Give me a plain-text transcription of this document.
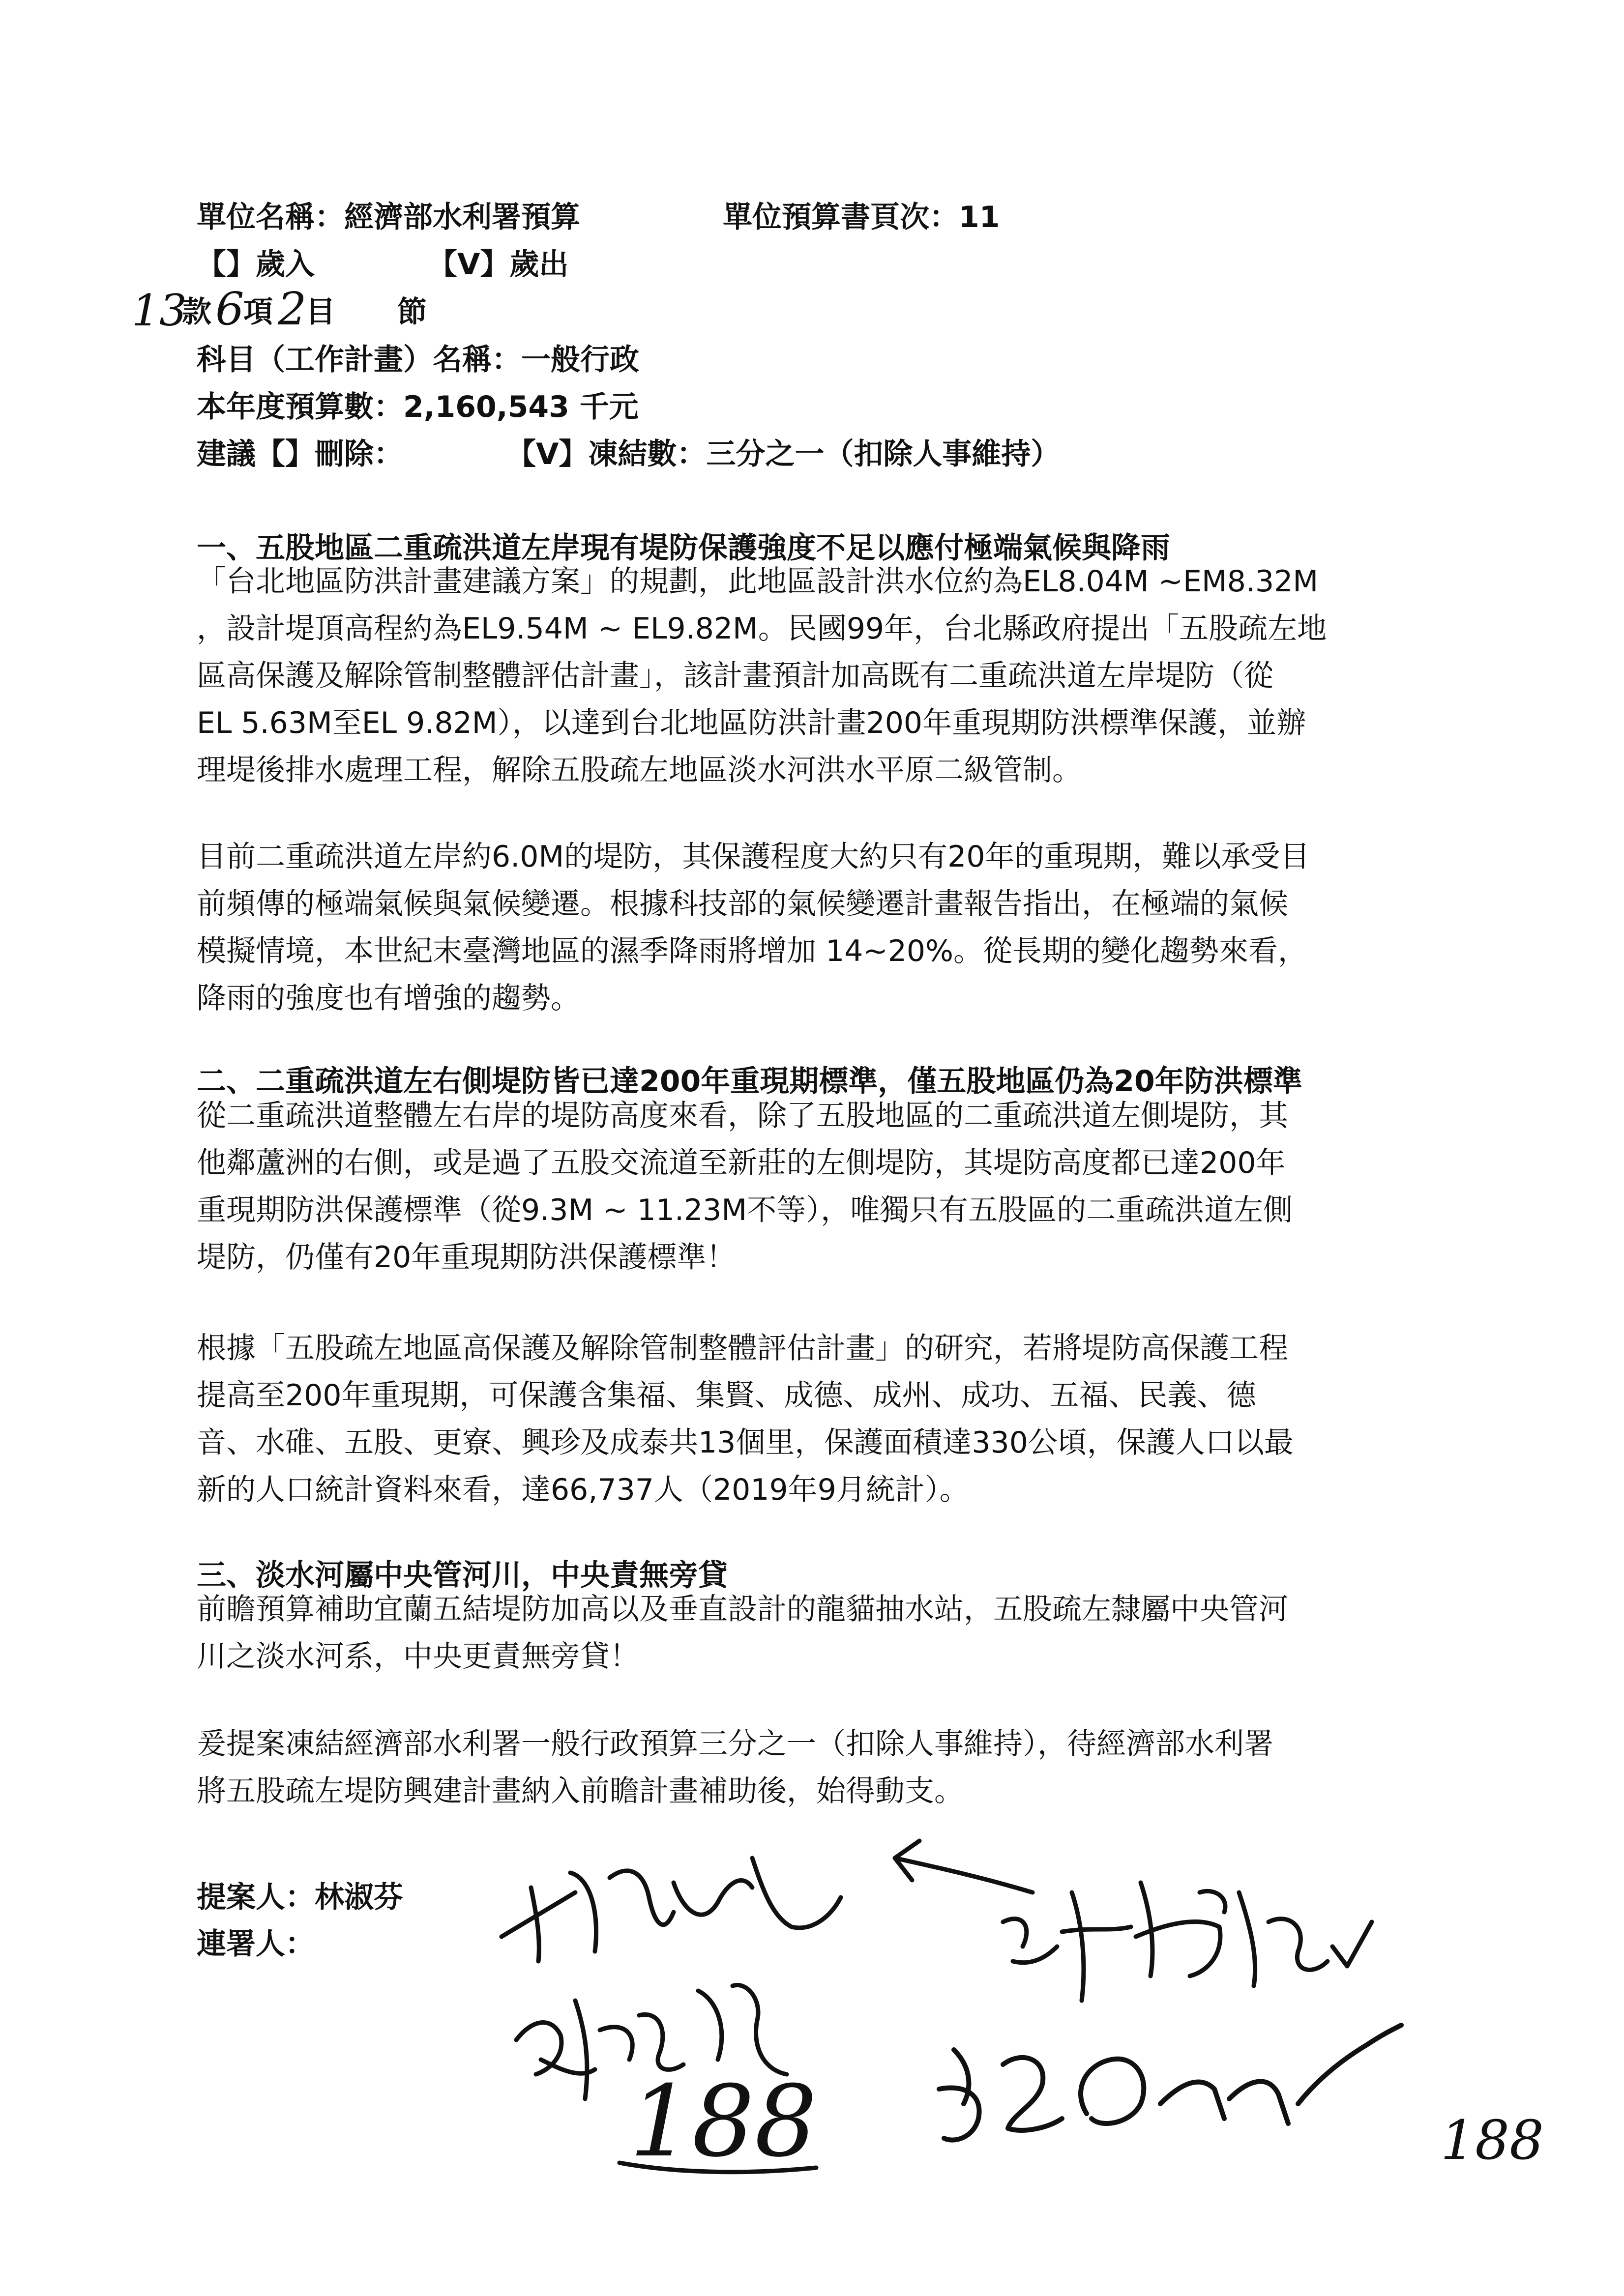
單位名稱：經濟部水利署預算	單位預算書頁次：11
【】歲入	【V】歲出
13
款 6
項 2
目 節
科目（工作計畫）名稱：一般行政
本年度預算數：2,160,543 千元
建議【】刪除：	【V】凍結數：三分之一（扣除人事維持）
一、五股地區二重疏洪道左岸現有堤防保護強度不足以應付極端氣候與降雨
「台北地區防洪計畫建議方案」的規劃，此地區設計洪水位約為EL8.04M ~EM8.32M
，設計堤頂高程約為EL9.54M ~ EL9.82M。民國99年，台北縣政府提出「五股疏左地
區高保護及解除管制整體評估計畫」，該計畫預計加高既有二重疏洪道左岸堤防（從
EL 5.63M至EL 9.82M），以達到台北地區防洪計畫200年重現期防洪標準保護，並辦
理堤後排水處理工程，解除五股疏左地區淡水河洪水平原二級管制。
目前二重疏洪道左岸約6.0M的堤防，其保護程度大約只有20年的重現期，難以承受目
前頻傳的極端氣候與氣候變遷。根據科技部的氣候變遷計畫報告指出，在極端的氣候
模擬情境，本世紀末臺灣地區的濕季降雨將增加 14~20%。從長期的變化趨勢來看，
降雨的強度也有增強的趨勢。
二、二重疏洪道左右側堤防皆已達200年重現期標準，僅五股地區仍為20年防洪標準
從二重疏洪道整體左右岸的堤防高度來看，除了五股地區的二重疏洪道左側堤防，其
他鄰蘆洲的右側，或是過了五股交流道至新莊的左側堤防，其堤防高度都已達200年
重現期防洪保護標準（從9.3M ~ 11.23M不等），唯獨只有五股區的二重疏洪道左側
堤防，仍僅有20年重現期防洪保護標準！
根據「五股疏左地區高保護及解除管制整體評估計畫」的研究，若將堤防高保護工程
提高至200年重現期，可保護含集福、集賢、成德、成州、成功、五福、民義、德
音、水碓、五股、更寮、興珍及成泰共13個里，保護面積達330公頃，保護人口以最
新的人口統計資料來看，達66,737人（2019年9月統計）。
三、淡水河屬中央管河川，中央責無旁貸
前瞻預算補助宜蘭五結堤防加高以及垂直設計的龍貓抽水站，五股疏左隸屬中央管河
川之淡水河系，中央更責無旁貸！
爰提案凍結經濟部水利署一般行政預算三分之一（扣除人事維持），待經濟部水利署
將五股疏左堤防興建計畫納入前瞻計畫補助後，始得動支。
提案人：林淑芬
連署人：
188	188
